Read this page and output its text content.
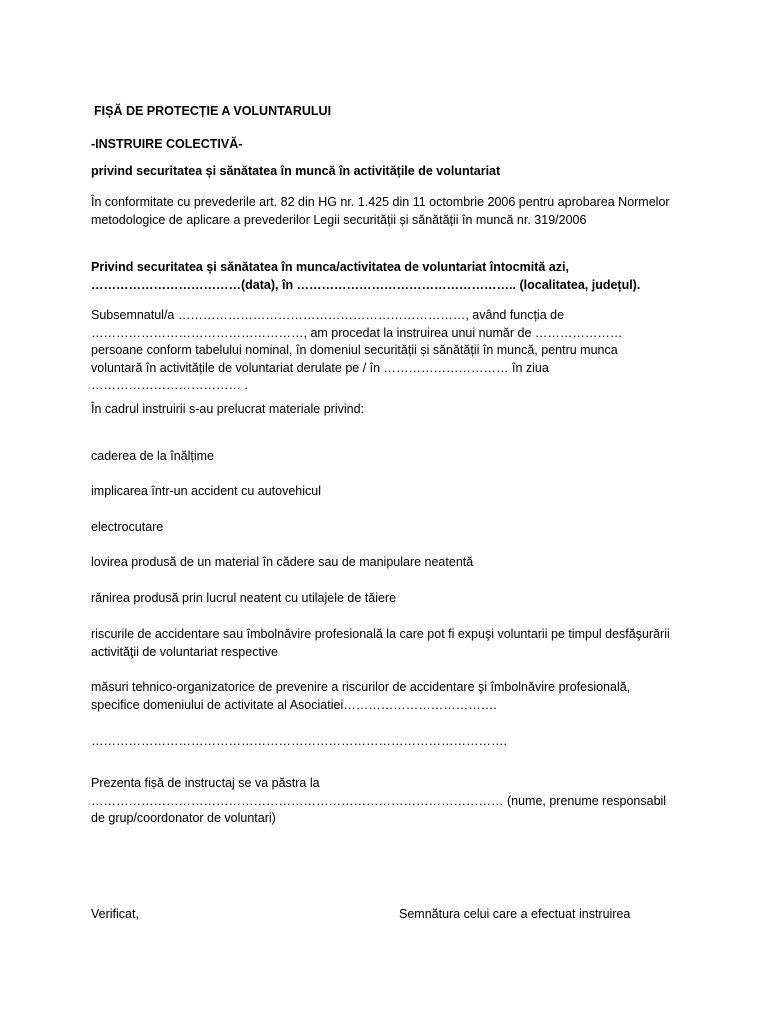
FIȘĂ DE PROTECȚIE A VOLUNTARULUI

-INSTRUIRE COLECTIVĂ-

privind securitatea și sănătatea în muncă în activitățile de voluntariat

În conformitate cu prevederile art. 82 din HG nr. 1.425 din 11 octombrie 2006 pentru aprobarea Normelor metodologice de aplicare a prevederilor Legii securității și sănătății în muncă nr. 319/2006

Privind securitatea și sănătatea în munca/activitatea de voluntariat întocmită azi, ………………………………(data), în …………………………………………….. (localitatea, județul).

Subsemnatul/a ……………………………………………………………, având funcția de ……………………………………………, am procedat la instruirea unui număr de ………………… persoane conform tabelului nominal, în domeniul securității și sănătății în muncă, pentru munca voluntară în activitățile de voluntariat derulate pe / în ………………………… în ziua ……………………………… .

În cadrul instruirii s-au prelucrat materiale privind:

caderea de la înălțime

implicarea într-un accident cu autovehicul

electrocutare

lovirea produsă de un material în cădere sau de manipulare neatentă

rănirea produsă prin lucrul neatent cu utilajele de tăiere

riscurile de accidentare sau îmbolnăvire profesională la care pot fi expuşi voluntarii pe timpul desfăşurării activităţii de voluntariat respective

măsuri tehnico-organizatorice de prevenire a riscurilor de accidentare şi îmbolnăvire profesională, specifice domeniului de activitate al Asociatiei……………………………….

……………………………………………………………………………………….

Prezenta fișă de instructaj se va păstra la ……………………………………………………………………………………… (nume, prenume responsabil de grup/coordonator de voluntari)

Verificat,	Semnătura celui care a efectuat instruirea
